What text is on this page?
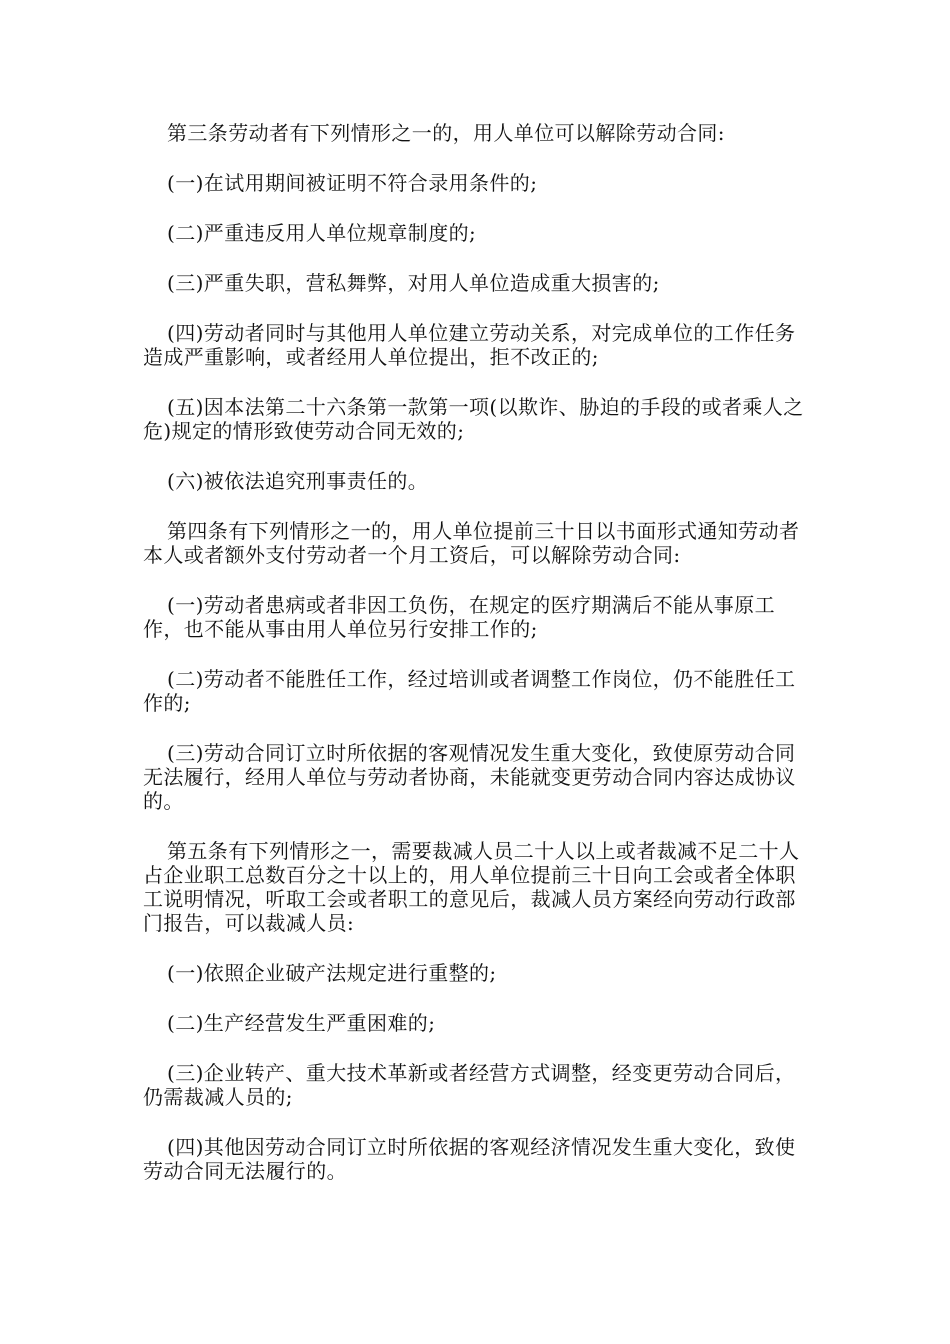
第三条劳动者有下列情形之一的，用人单位可以解除劳动合同:

(一)在试用期间被证明不符合录用条件的;

(二)严重违反用人单位规章制度的;

(三)严重失职，营私舞弊，对用人单位造成重大损害的;

(四)劳动者同时与其他用人单位建立劳动关系，对完成单位的工作任务造成严重影响，或者经用人单位提出，拒不改正的;

(五)因本法第二十六条第一款第一项(以欺诈、胁迫的手段的或者乘人之危)规定的情形致使劳动合同无效的;

(六)被依法追究刑事责任的。

第四条有下列情形之一的，用人单位提前三十日以书面形式通知劳动者本人或者额外支付劳动者一个月工资后，可以解除劳动合同:

(一)劳动者患病或者非因工负伤，在规定的医疗期满后不能从事原工作，也不能从事由用人单位另行安排工作的;

(二)劳动者不能胜任工作，经过培训或者调整工作岗位，仍不能胜任工作的;

(三)劳动合同订立时所依据的客观情况发生重大变化，致使原劳动合同无法履行，经用人单位与劳动者协商，未能就变更劳动合同内容达成协议的。

第五条有下列情形之一，需要裁减人员二十人以上或者裁减不足二十人占企业职工总数百分之十以上的，用人单位提前三十日向工会或者全体职工说明情况，听取工会或者职工的意见后，裁减人员方案经向劳动行政部门报告，可以裁减人员:

(一)依照企业破产法规定进行重整的;

(二)生产经营发生严重困难的;

(三)企业转产、重大技术革新或者经营方式调整，经变更劳动合同后，仍需裁减人员的;

(四)其他因劳动合同订立时所依据的客观经济情况发生重大变化，致使劳动合同无法履行的。
